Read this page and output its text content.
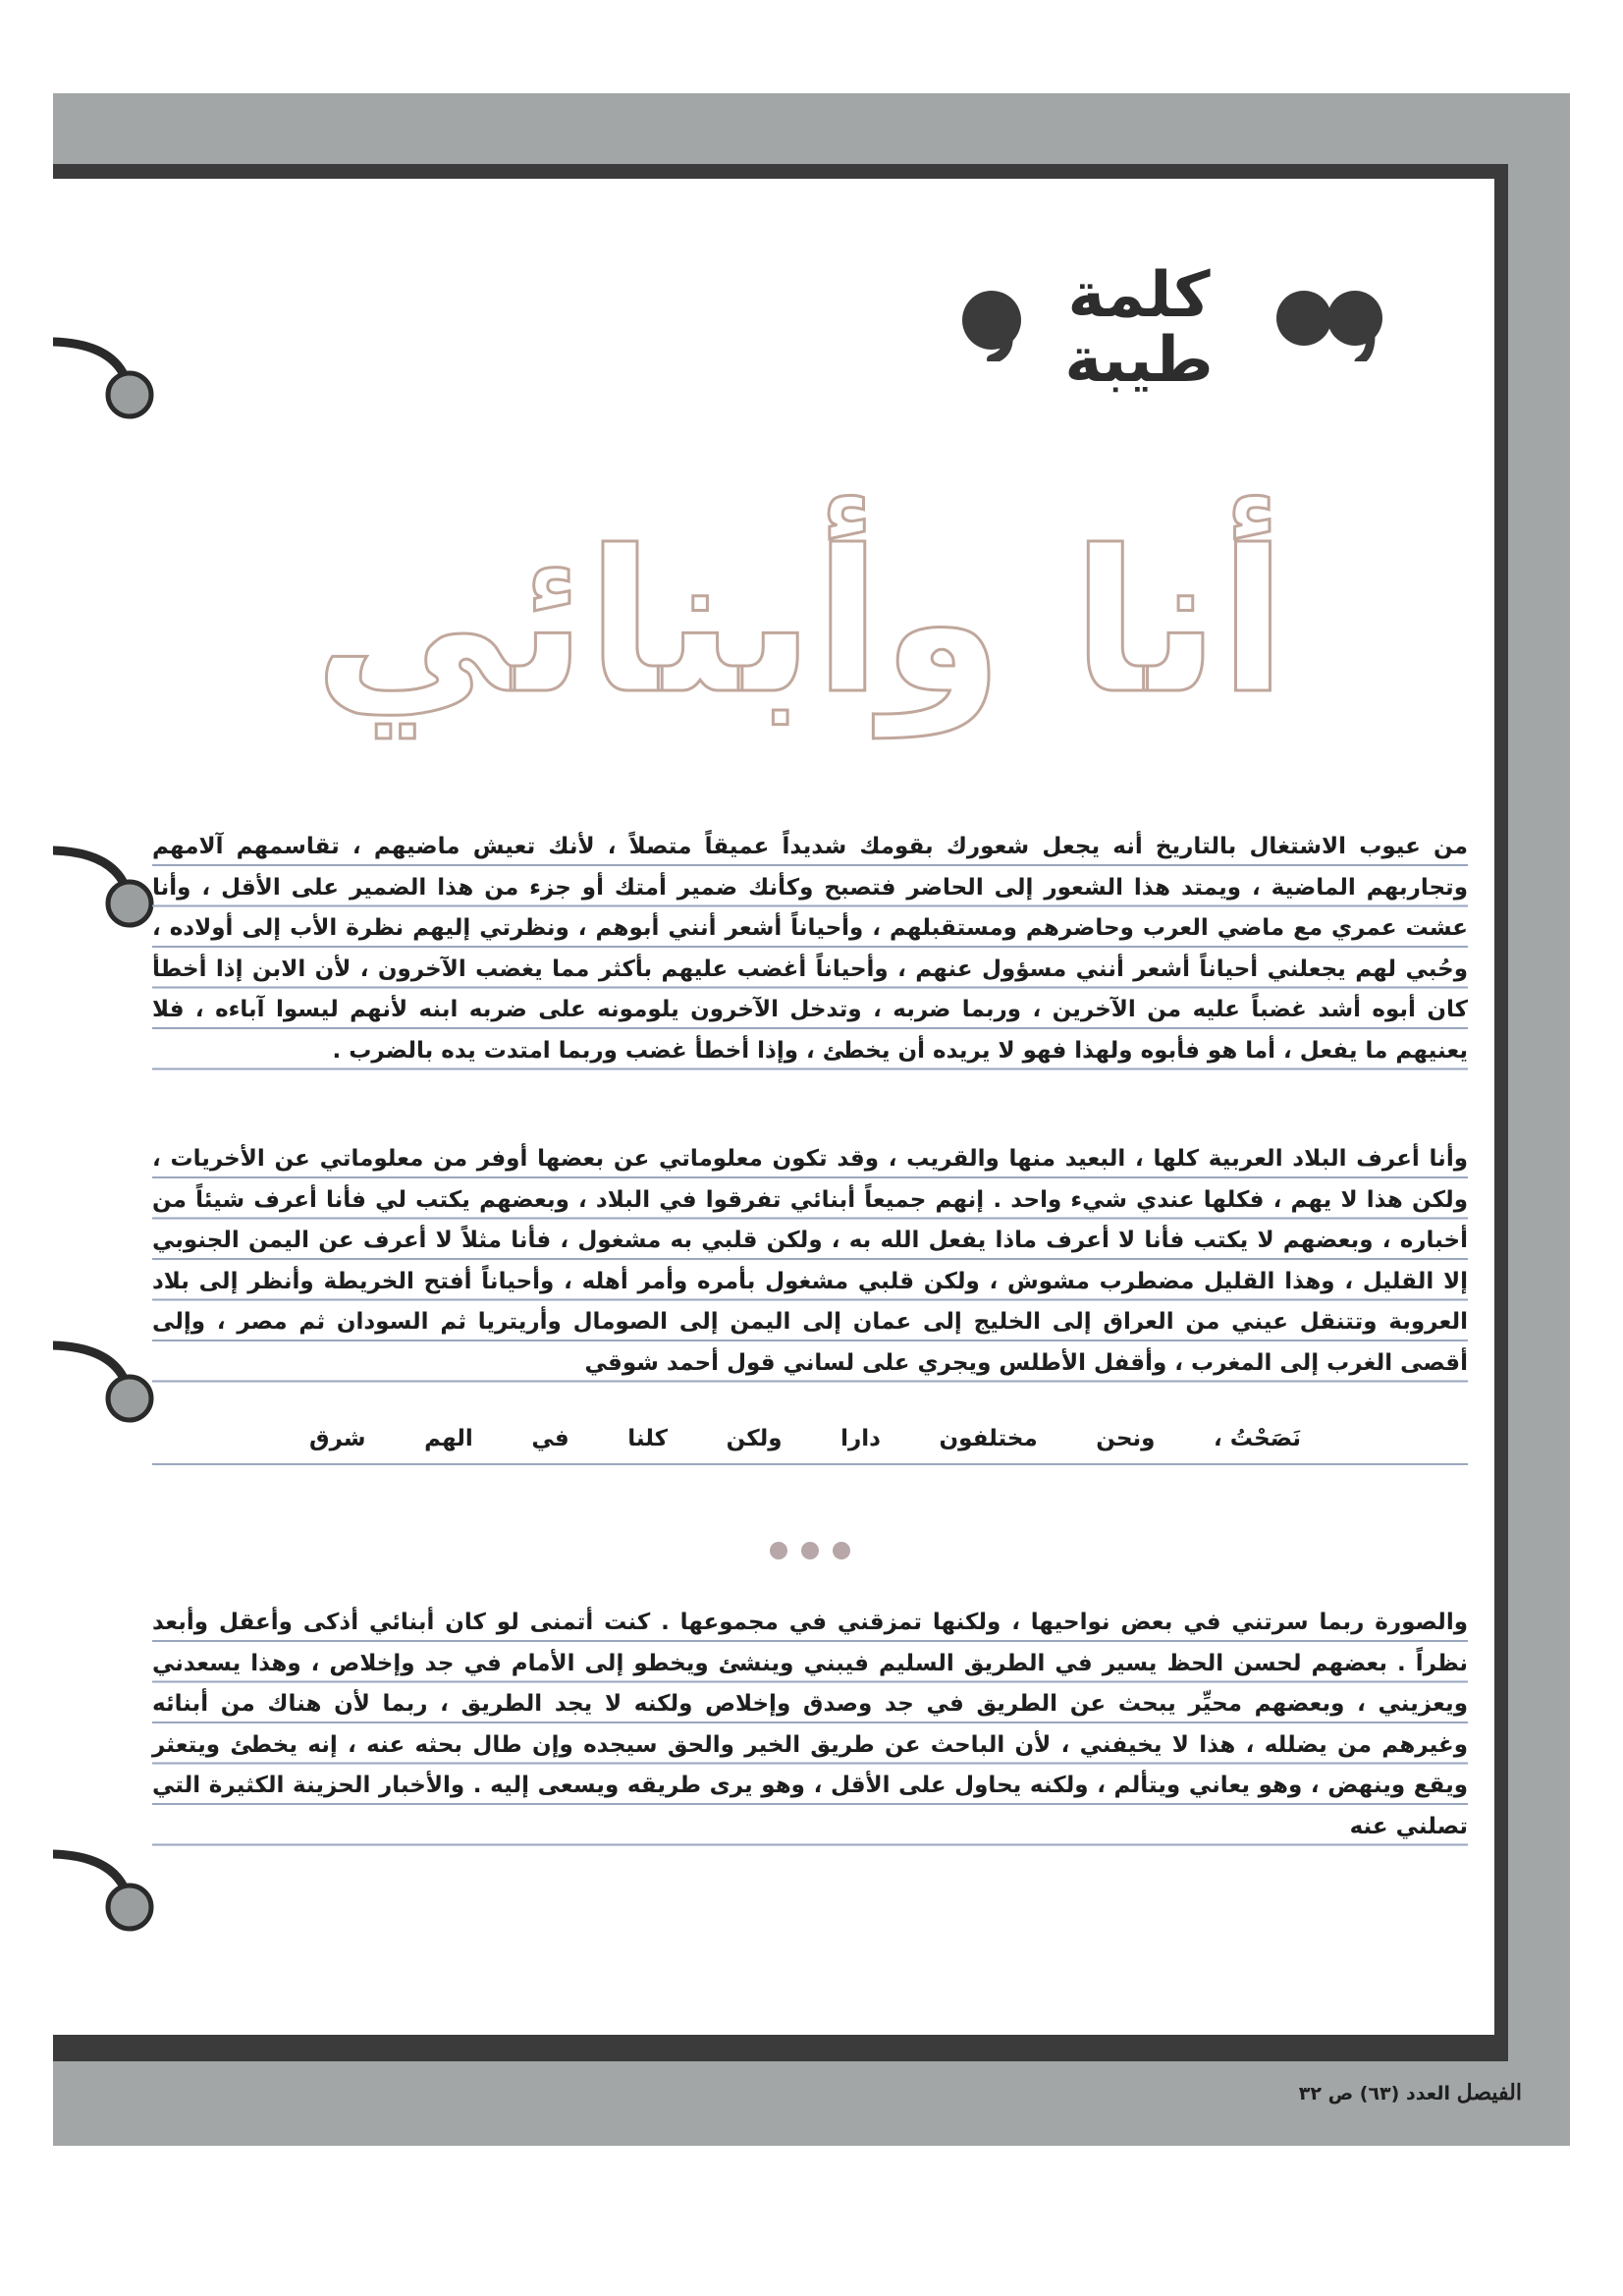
كلمة
طيبة
أنا وأبنائي

من عيوب الاشتغال بالتاريخ أنه يجعل شعورك بقومك شديداً عميقاً متصلاً ، لأنك تعيش ماضيهم ، تقاسمهم آلامهم وتجاربهم الماضية ، ويمتد هذا الشعور إلى الحاضر فتصبح وكأنك ضمير أمتك أو جزء من هذا الضمير على الأقل ، وأنا عشت عمري مع ماضي العرب وحاضرهم ومستقبلهم ، وأحياناً أشعر أنني أبوهم ، ونظرتي إليهم نظرة الأب إلى أولاده ، وحُبي لهم يجعلني أحياناً أشعر أنني مسؤول عنهم ، وأحياناً أغضب عليهم بأكثر مما يغضب الآخرون ، لأن الابن إذا أخطأ كان أبوه أشد غضباً عليه من الآخرين ، وربما ضربه ، وتدخل الآخرون يلومونه على ضربه ابنه لأنهم ليسوا آباءه ، فلا يعنيهم ما يفعل ، أما هو فأبوه ولهذا فهو لا يريده أن يخطئ ، وإذا أخطأ غضب وربما امتدت يده بالضرب .

وأنا أعرف البلاد العربية كلها ، البعيد منها والقريب ، وقد تكون معلوماتي عن بعضها أوفر من معلوماتي عن الأخريات ، ولكن هذا لا يهم ، فكلها عندي شيء واحد . إنهم جميعاً أبنائي تفرقوا في البلاد ، وبعضهم يكتب لي فأنا أعرف شيئاً من أخباره ، وبعضهم لا يكتب فأنا لا أعرف ماذا يفعل الله به ، ولكن قلبي به مشغول ، فأنا مثلاً لا أعرف عن اليمن الجنوبي إلا القليل ، وهذا القليل مضطرب مشوش ، ولكن قلبي مشغول بأمره وأمر أهله ، وأحياناً أفتح الخريطة وأنظر إلى بلاد العروبة وتتنقل عيني من العراق إلى الخليج إلى عمان إلى اليمن إلى الصومال وأريتريا ثم السودان ثم مصر ، وإلى أقصى الغرب إلى المغرب ، وأقفل الأطلس ويجري على لساني قول أحمد شوقي

نَصَحْتُ ،
ونحن
مختلفون
دارا
ولكن
كلنا
في
الهم
شرق

والصورة ربما سرتني في بعض نواحيها ، ولكنها تمزقني في مجموعها . كنت أتمنى لو كان أبنائي أذكى وأعقل وأبعد نظراً . بعضهم لحسن الحظ يسير في الطريق السليم فيبني وينشئ ويخطو إلى الأمام في جد وإخلاص ، وهذا يسعدني ويعزيني ، وبعضهم محيِّر يبحث عن الطريق في جد وصدق وإخلاص ولكنه لا يجد الطريق ، ربما لأن هناك من أبنائه وغيرهم من يضلله ، هذا لا يخيفني ، لأن الباحث عن طريق الخير والحق سيجده وإن طال بحثه عنه ، إنه يخطئ ويتعثر ويقع وينهض ، وهو يعاني ويتألم ، ولكنه يحاول على الأقل ، وهو يرى طريقه ويسعى إليه . والأخبار الحزينة الكثيرة التي تصلني عنه

الفيصل العدد (٦٣) ص ٣٢
